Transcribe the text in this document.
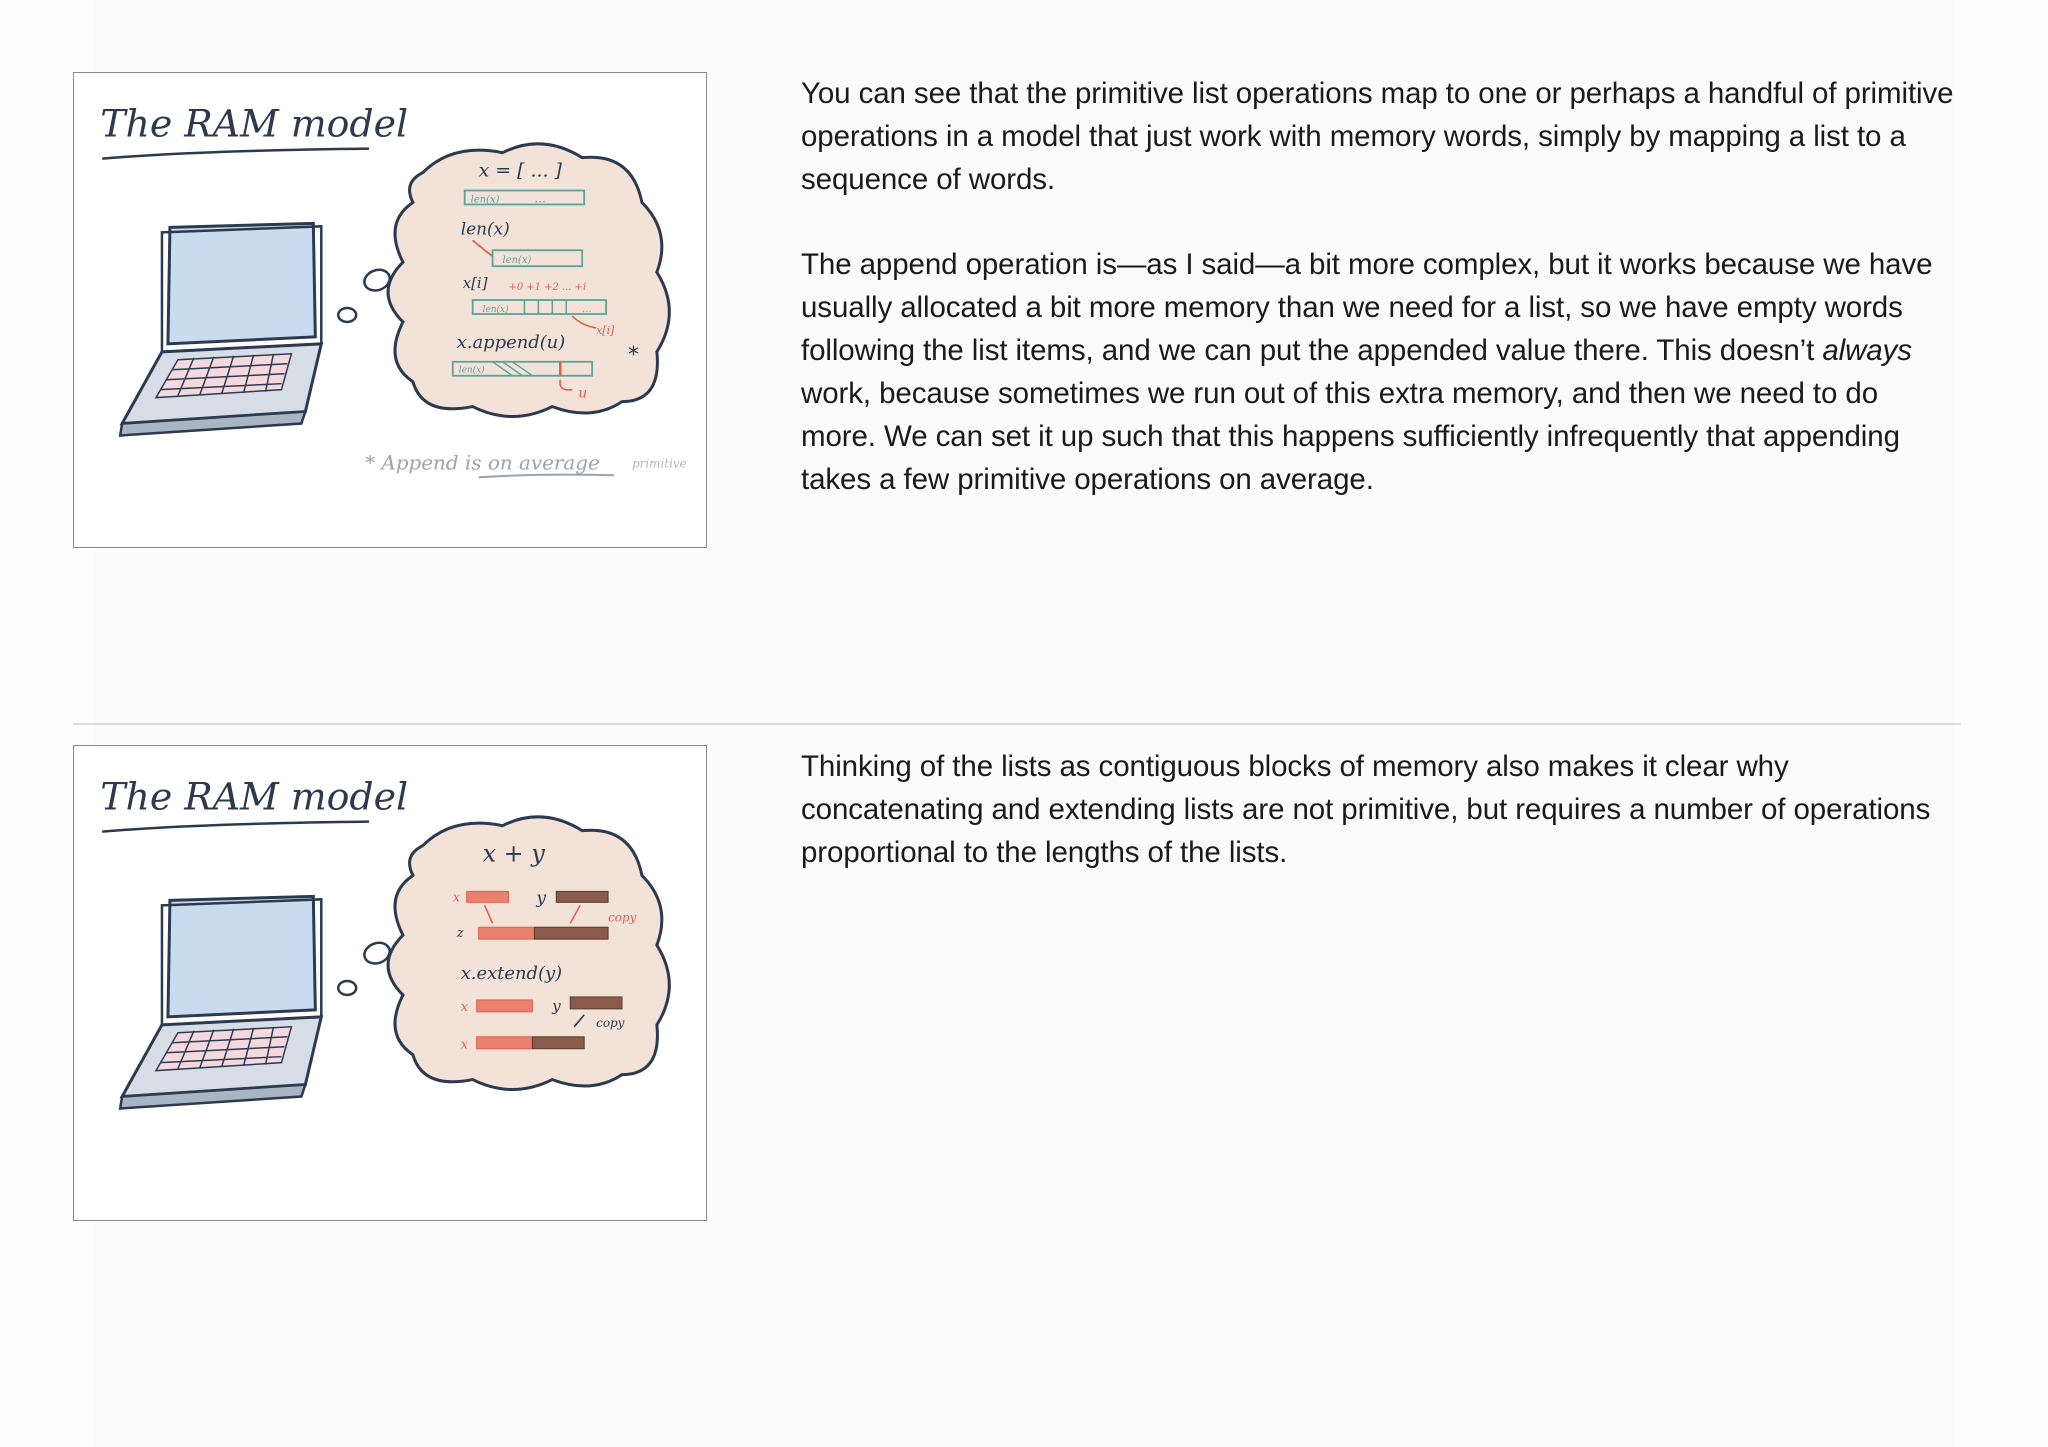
The RAM model
x = [ ... ]
len(x)	...
len(x)
len(x)
x[i] +0 +1 +2 ... +i
len(x)	...
x[i]
x.append(u)
*
len(x)
u
* Append is on average	primitive

You can see that the primitive list operations map to one or perhaps a handful of primitive operations in a model that just work with memory words, simply by mapping a list to a sequence of words.

The append operation is—as I said—a bit more complex, but it works because we have usually allocated a bit more memory than we need for a list, so we have empty words following the list items, and we can put the appended value there. This doesn’t always work, because sometimes we run out of this extra memory, and then we need to do more. We can set it up such that this happens sufficiently infrequently that appending takes a few primitive operations on average.

The RAM model
x + y
x	y
z
copy
x.extend(y)
x	y
copy
x

Thinking of the lists as contiguous blocks of memory also makes it clear why concatenating and extending lists are not primitive, but requires a number of operations proportional to the lengths of the lists.
